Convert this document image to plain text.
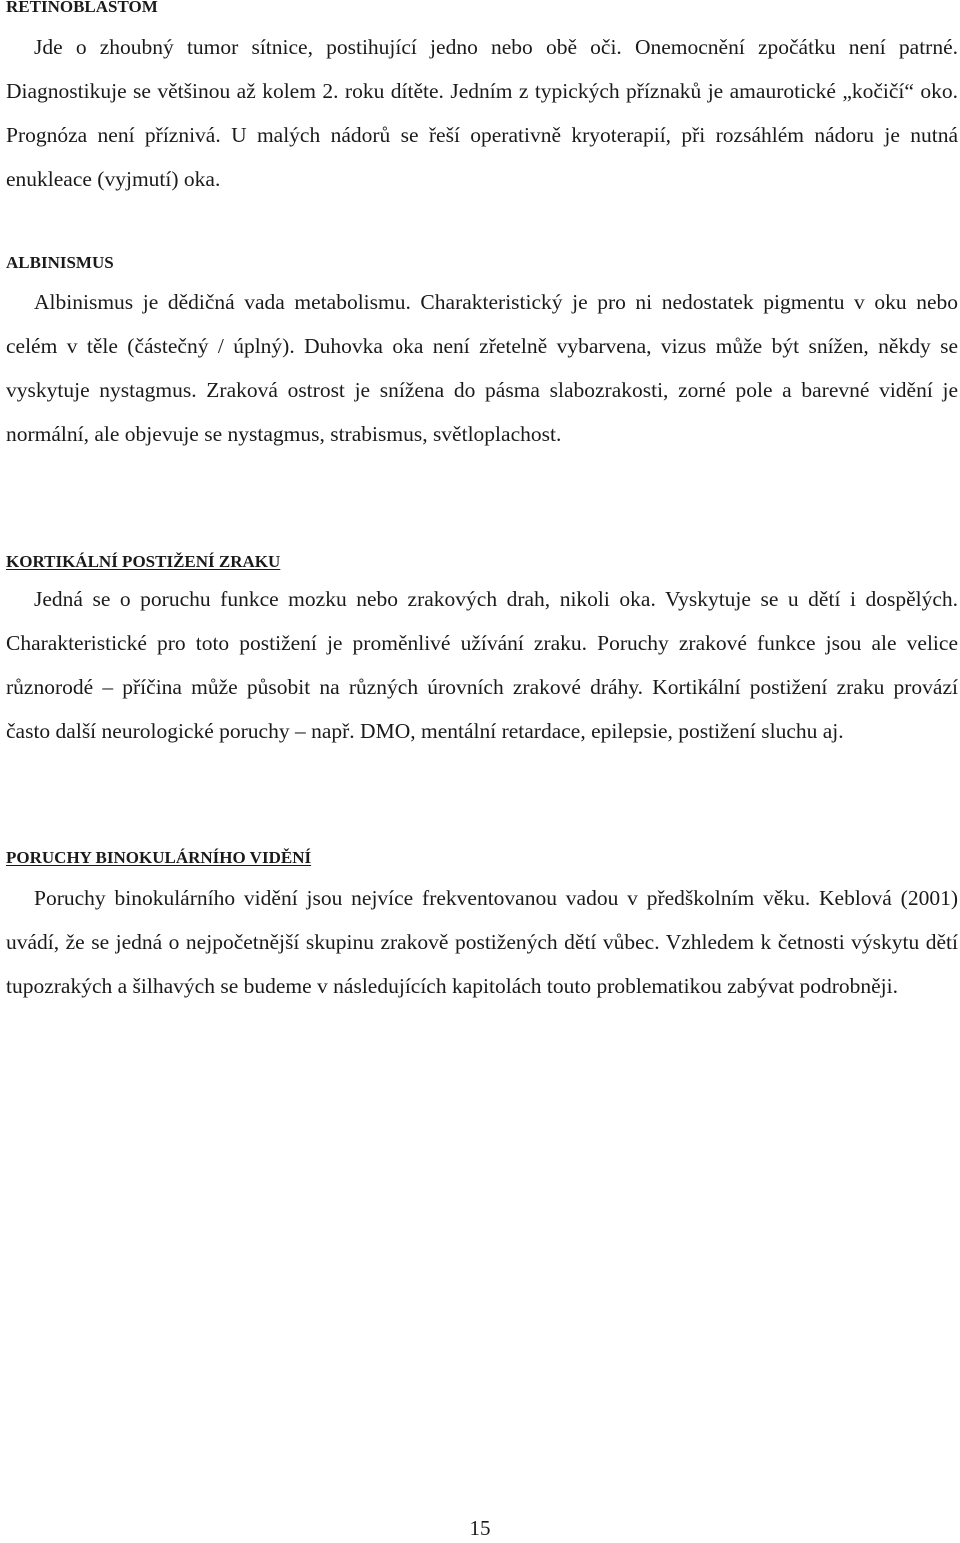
RETINOBLASTOM

Jde o zhoubný tumor sítnice, postihující jedno nebo obě oči. Onemocnění zpočátku není patrné. Diagnostikuje se většinou až kolem 2. roku dítěte. Jedním z typických příznaků je amaurotické „kočičí“ oko. Prognóza není příznivá. U malých nádorů se řeší operativně kryoterapií, při rozsáhlém nádoru je nutná enukleace (vyjmutí) oka.

ALBINISMUS

Albinismus je dědičná vada metabolismu. Charakteristický je pro ni nedostatek pigmentu v oku nebo celém v těle (částečný / úplný). Duhovka oka není zřetelně vybarvena, vizus může být snížen, někdy se vyskytuje nystagmus. Zraková ostrost je snížena do pásma slabozrakosti, zorné pole a barevné vidění je normální, ale objevuje se nystagmus, strabismus, světloplachost.

KORTIKÁLNÍ POSTIŽENÍ ZRAKU

Jedná se o poruchu funkce mozku nebo zrakových drah, nikoli oka. Vyskytuje se u dětí i dospělých. Charakteristické pro toto postižení je proměnlivé užívání zraku. Poruchy zrakové funkce jsou ale velice různorodé – příčina může působit na různých úrovních zrakové dráhy. Kortikální postižení zraku provází často další neurologické poruchy – např. DMO, mentální retardace, epilepsie, postižení sluchu aj.

PORUCHY BINOKULÁRNÍHO VIDĚNÍ

Poruchy binokulárního vidění jsou nejvíce frekventovanou vadou v předškolním věku. Keblová (2001) uvádí, že se jedná o nejpočetnější skupinu zrakově postižených dětí vůbec. Vzhledem k četnosti výskytu dětí tupozrakých a šilhavých se budeme v následujících kapitolách touto problematikou zabývat podrobněji.

15
